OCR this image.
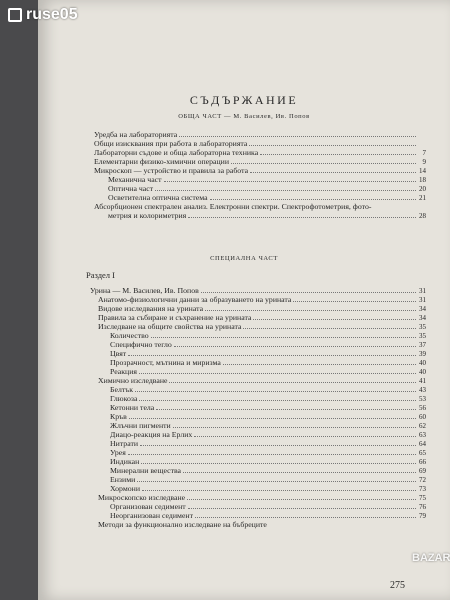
СЪДЪРЖАНИЕ
ОБЩА ЧАСТ — М. Василев, Ив. Попов
СПЕЦИАЛНА ЧАСТ
Раздел I
Уредба на лабораторията
Общи изисквания при работа в лабораторията
Лабораторни съдове и обща лабораторна техника	7
Елементарни физико-химични операции	9
Микроскоп — устройство и правила за работа	14
Механична част	18
Оптична част	20
Осветителна оптична система	21
Абсорбционен спектрален анализ. Електронни спектри. Спектрофотометрия, фото-
метрия и колориметрия	28
Урина — М. Василев, Ив. Попов	31
Анатомо-физиологични данни за образуването на урината	31
Видове изследвания на урината	34
Правила за събиране и съхранение на урината	34
Изследване на общите свойства на урината	35
Количество	35
Специфично тегло	37
Цвят	39
Прозрачност, мътнина и миризма	40
Реакция	40
Химично изследване	41
Белтък	43
Глюкоза	53
Кетонни тела	56
Кръв	60
Жлъчни пигменти	62
Диацо-реакция на Ерлих	63
Нитрати	64
Урея	65
Индикан	66
Минерални вещества	69
Ензими	72
Хормони	73
Микроскопско изследване	75
Организован седимент	76
Неорганизован седимент	79
Методи за функционално изследване на бъбреците
275
ruse05
BAZAR
